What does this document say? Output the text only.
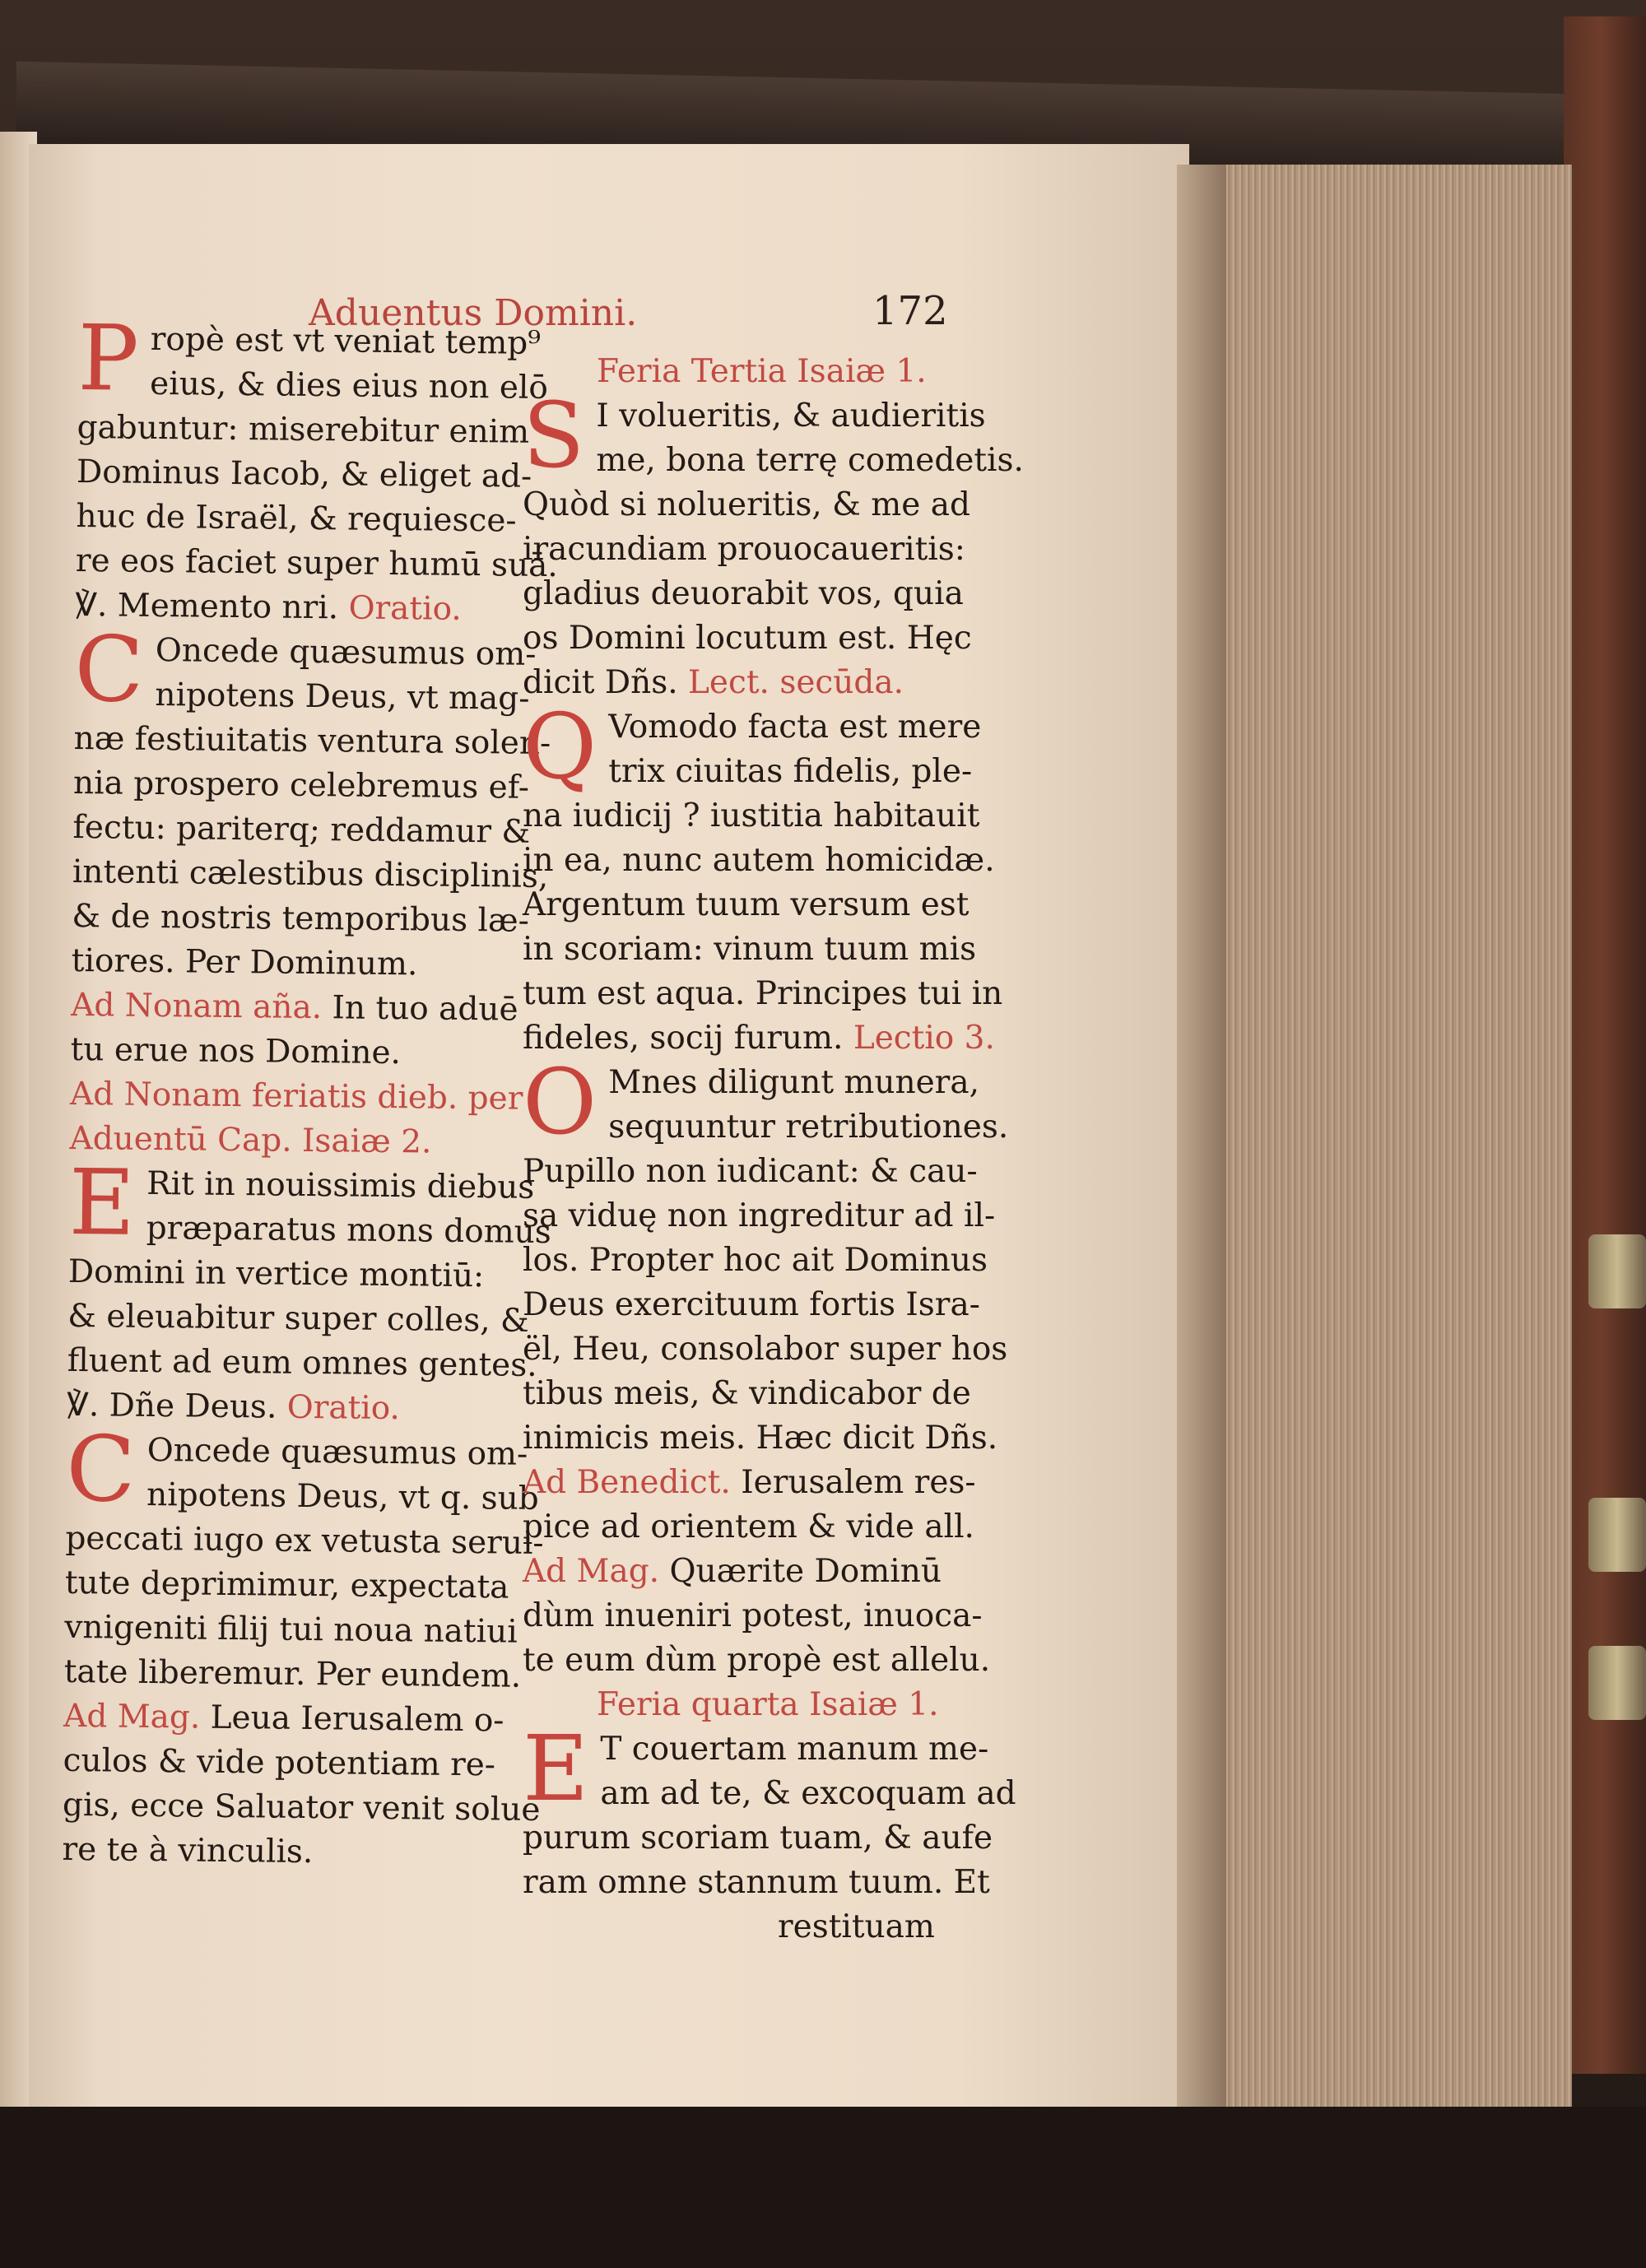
Aduentus Domini.	172
P ropè est vt veniat temp⁹
eius, & dies eius non elō
gabuntur: miserebitur enim
Dominus Iacob, & eliget ad-
huc de Israël, & requiesce-
re eos faciet super humū suā.
℣. Memento nri. Oratio.
C Oncede quæsumus om-
nipotens Deus, vt mag-
næ festiuitatis ventura solen-
nia prospero celebremus ef-
fectu: pariterq; reddamur &
intenti cælestibus disciplinis,
& de nostris temporibus læ-
tiores. Per Dominum.
Ad Nonam aña. In tuo aduē
tu erue nos Domine.
Ad Nonam feriatis dieb. per
Aduentū Cap. Isaiæ 2.
E Rit in nouissimis diebus
præparatus mons domus
Domini in vertice montiū:
& eleuabitur super colles, &
fluent ad eum omnes gentes.
℣. Dñe Deus. Oratio.
C Oncede quæsumus om-
nipotens Deus, vt q. sub
peccati iugo ex vetusta serui-
tute deprimimur, expectata
vnigeniti filij tui noua natiui
tate liberemur. Per eundem.
Ad Mag. Leua Ierusalem o-
culos & vide potentiam re-
gis, ecce Saluator venit solue
re te à vinculis.
Feria Tertia Isaiæ 1.
S I volueritis, & audieritis
me, bona terrę comedetis.
Quòd si nolueritis, & me ad
iracundiam prouocaueritis:
gladius deuorabit vos, quia
os Domini locutum est. Hęc
dicit Dñs. Lect. secūda.
Q Vomodo facta est mere
trix ciuitas fidelis, ple-
na iudicij ? iustitia habitauit
in ea, nunc autem homicidæ.
Argentum tuum versum est
in scoriam: vinum tuum mis
tum est aqua. Principes tui in
fideles, socij furum. Lectio 3.
O Mnes diligunt munera,
sequuntur retributiones.
Pupillo non iudicant: & cau-
sa viduę non ingreditur ad il-
los. Propter hoc ait Dominus
Deus exercituum fortis Isra-
ël, Heu, consolabor super hos
tibus meis, & vindicabor de
inimicis meis. Hæc dicit Dñs.
Ad Benedict. Ierusalem res-
pice ad orientem & vide all.
Ad Mag. Quærite Dominū
dùm inueniri potest, inuoca-
te eum dùm propè est allelu.
Feria quarta Isaiæ 1.
E T couertam manum me-
am ad te, & excoquam ad
purum scoriam tuam, & aufe
ram omne stannum tuum. Et
restituam
